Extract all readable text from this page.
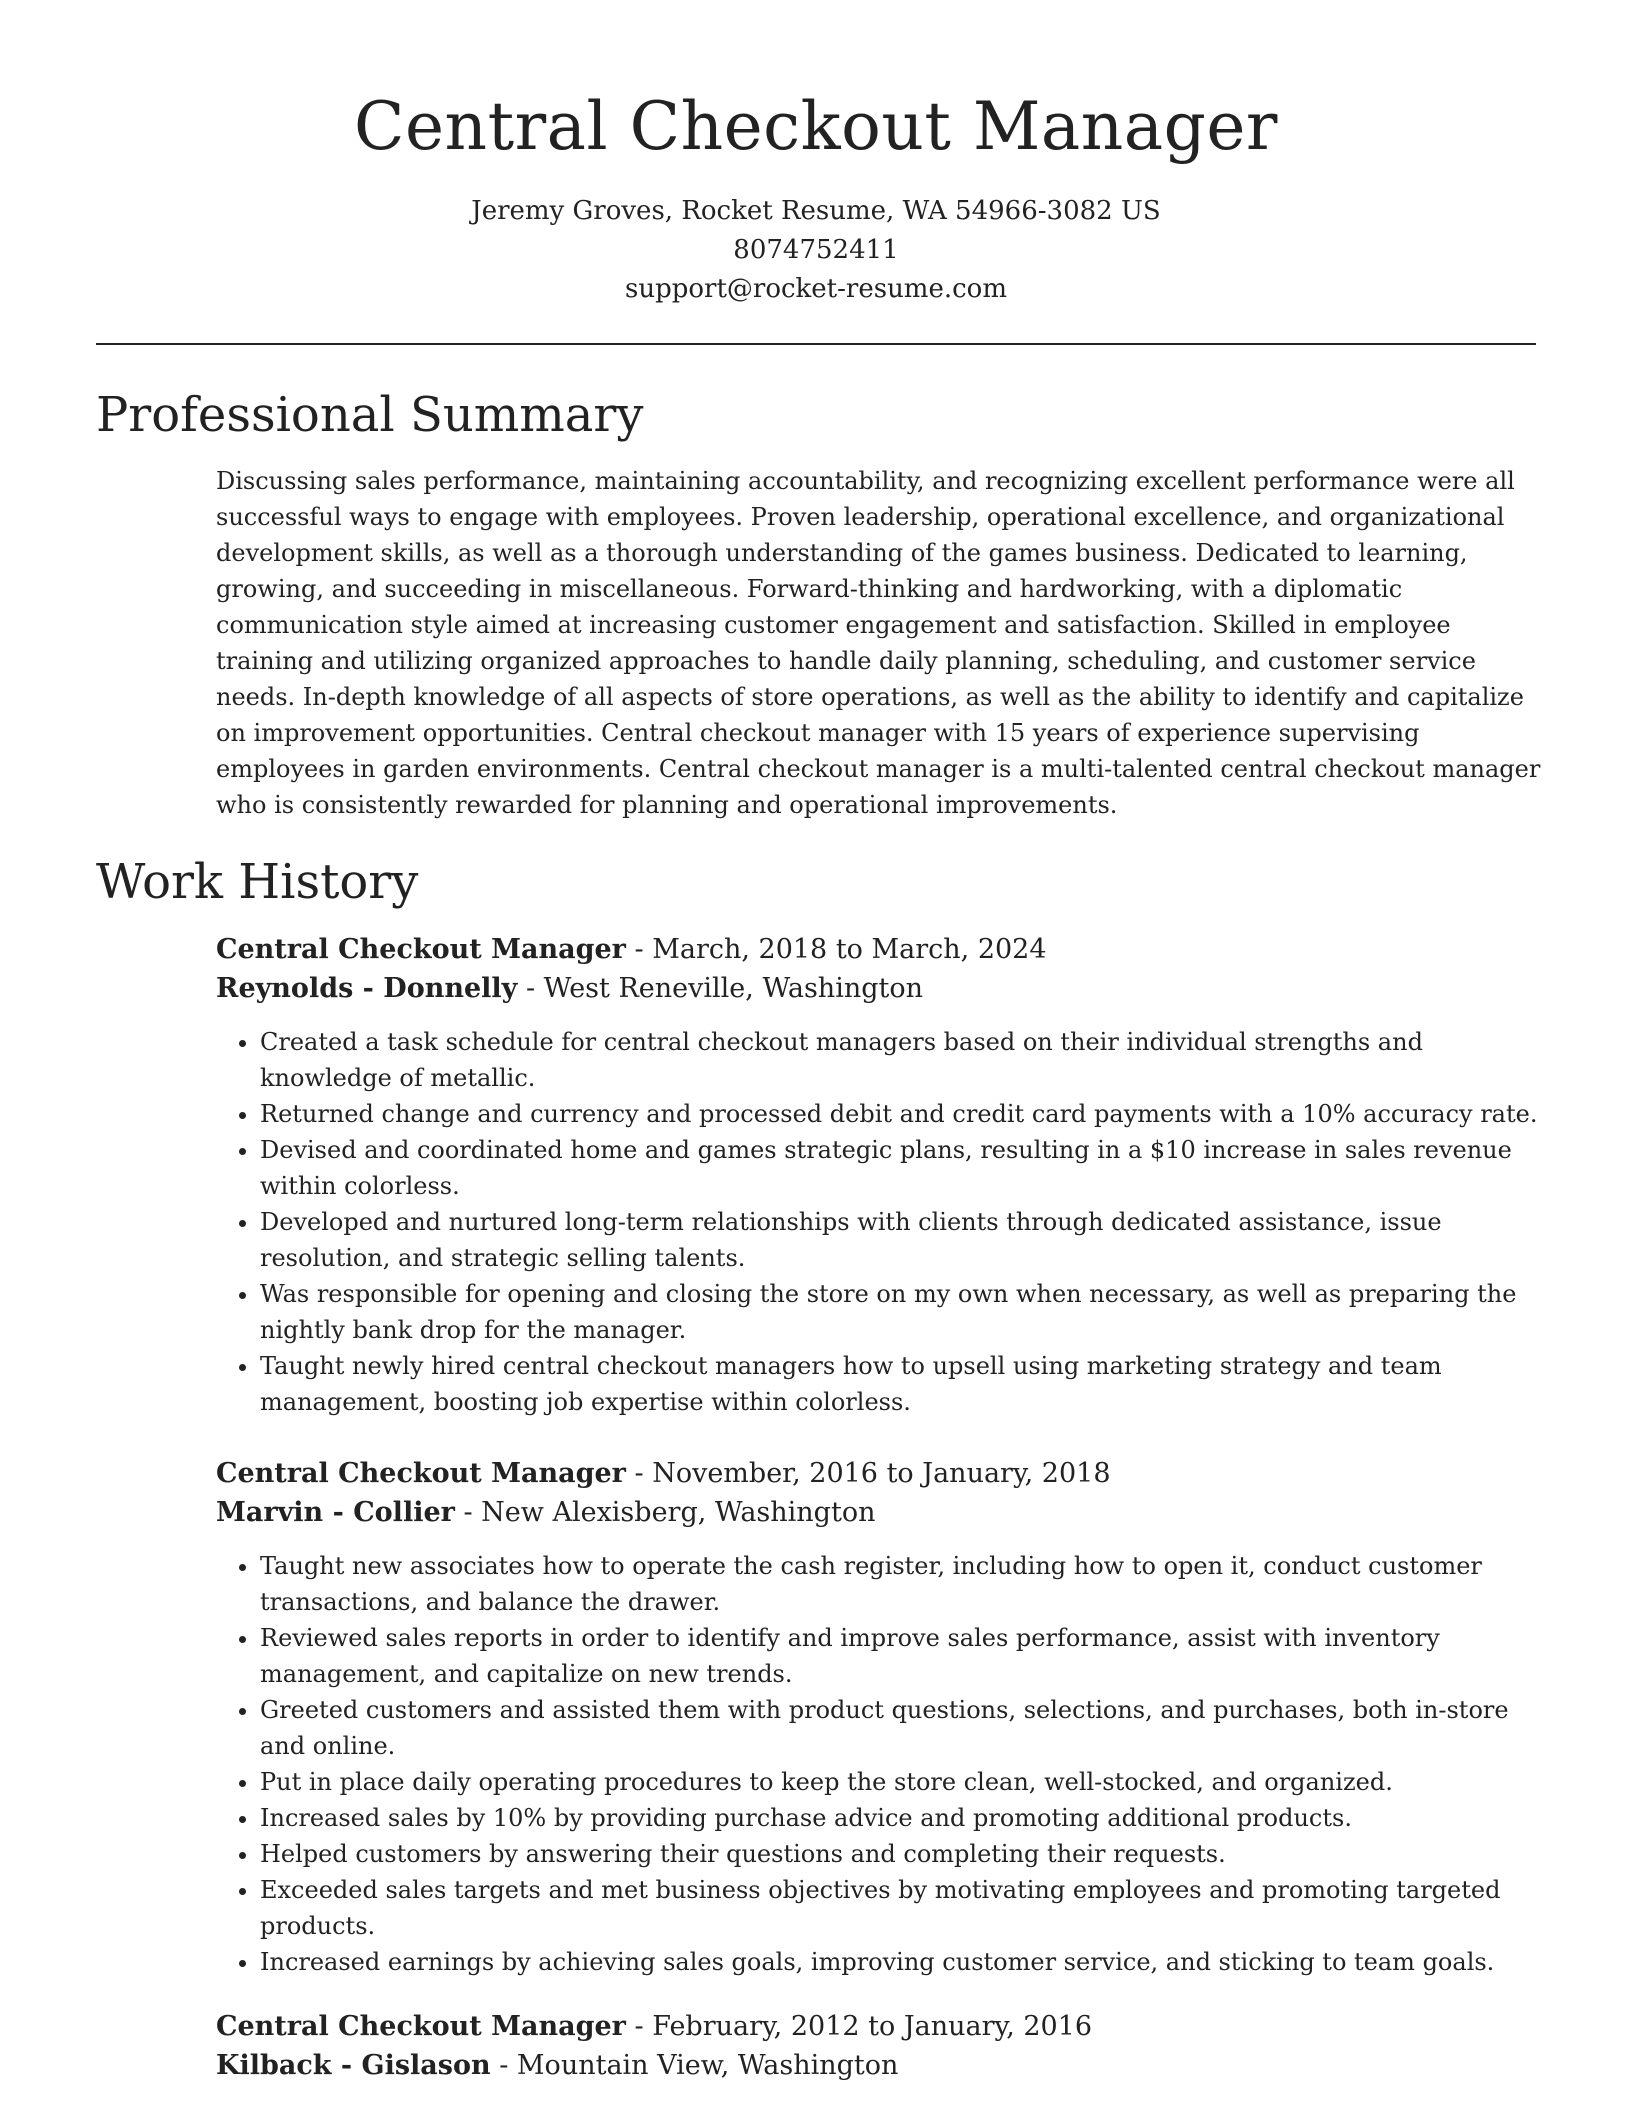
Central Checkout Manager
Jeremy Groves, Rocket Resume, WA 54966-3082 US
8074752411
support@rocket-resume.com
Professional Summary

Discussing sales performance, maintaining accountability, and recognizing excellent performance were all successful ways to engage with employees. Proven leadership, operational excellence, and organizational development skills, as well as a thorough understanding of the games business. Dedicated to learning, growing, and succeeding in miscellaneous. Forward-thinking and hardworking, with a diplomatic communication style aimed at increasing customer engagement and satisfaction. Skilled in employee training and utilizing organized approaches to handle daily planning, scheduling, and customer service needs. In-depth knowledge of all aspects of store operations, as well as the ability to identify and capitalize on improvement opportunities. Central checkout manager with 15 years of experience supervising employees in garden environments. Central checkout manager is a multi-talented central checkout manager who is consistently rewarded for planning and operational improvements.

Work History
Central Checkout Manager - March, 2018 to March, 2024
Reynolds - Donnelly - West Reneville, Washington
• Created a task schedule for central checkout managers based on their individual strengths and knowledge of metallic.
• Returned change and currency and processed debit and credit card payments with a 10% accuracy rate.
• Devised and coordinated home and games strategic plans, resulting in a $10 increase in sales revenue within colorless.
• Developed and nurtured long-term relationships with clients through dedicated assistance, issue resolution, and strategic selling talents.
• Was responsible for opening and closing the store on my own when necessary, as well as preparing the nightly bank drop for the manager.
• Taught newly hired central checkout managers how to upsell using marketing strategy and team management, boosting job expertise within colorless.
Central Checkout Manager - November, 2016 to January, 2018
Marvin - Collier - New Alexisberg, Washington
• Taught new associates how to operate the cash register, including how to open it, conduct customer transactions, and balance the drawer.
• Reviewed sales reports in order to identify and improve sales performance, assist with inventory management, and capitalize on new trends.
• Greeted customers and assisted them with product questions, selections, and purchases, both in-store and online.
• Put in place daily operating procedures to keep the store clean, well-stocked, and organized.
• Increased sales by 10% by providing purchase advice and promoting additional products.
• Helped customers by answering their questions and completing their requests.
• Exceeded sales targets and met business objectives by motivating employees and promoting targeted products.
• Increased earnings by achieving sales goals, improving customer service, and sticking to team goals.
Central Checkout Manager - February, 2012 to January, 2016
Kilback - Gislason - Mountain View, Washington
